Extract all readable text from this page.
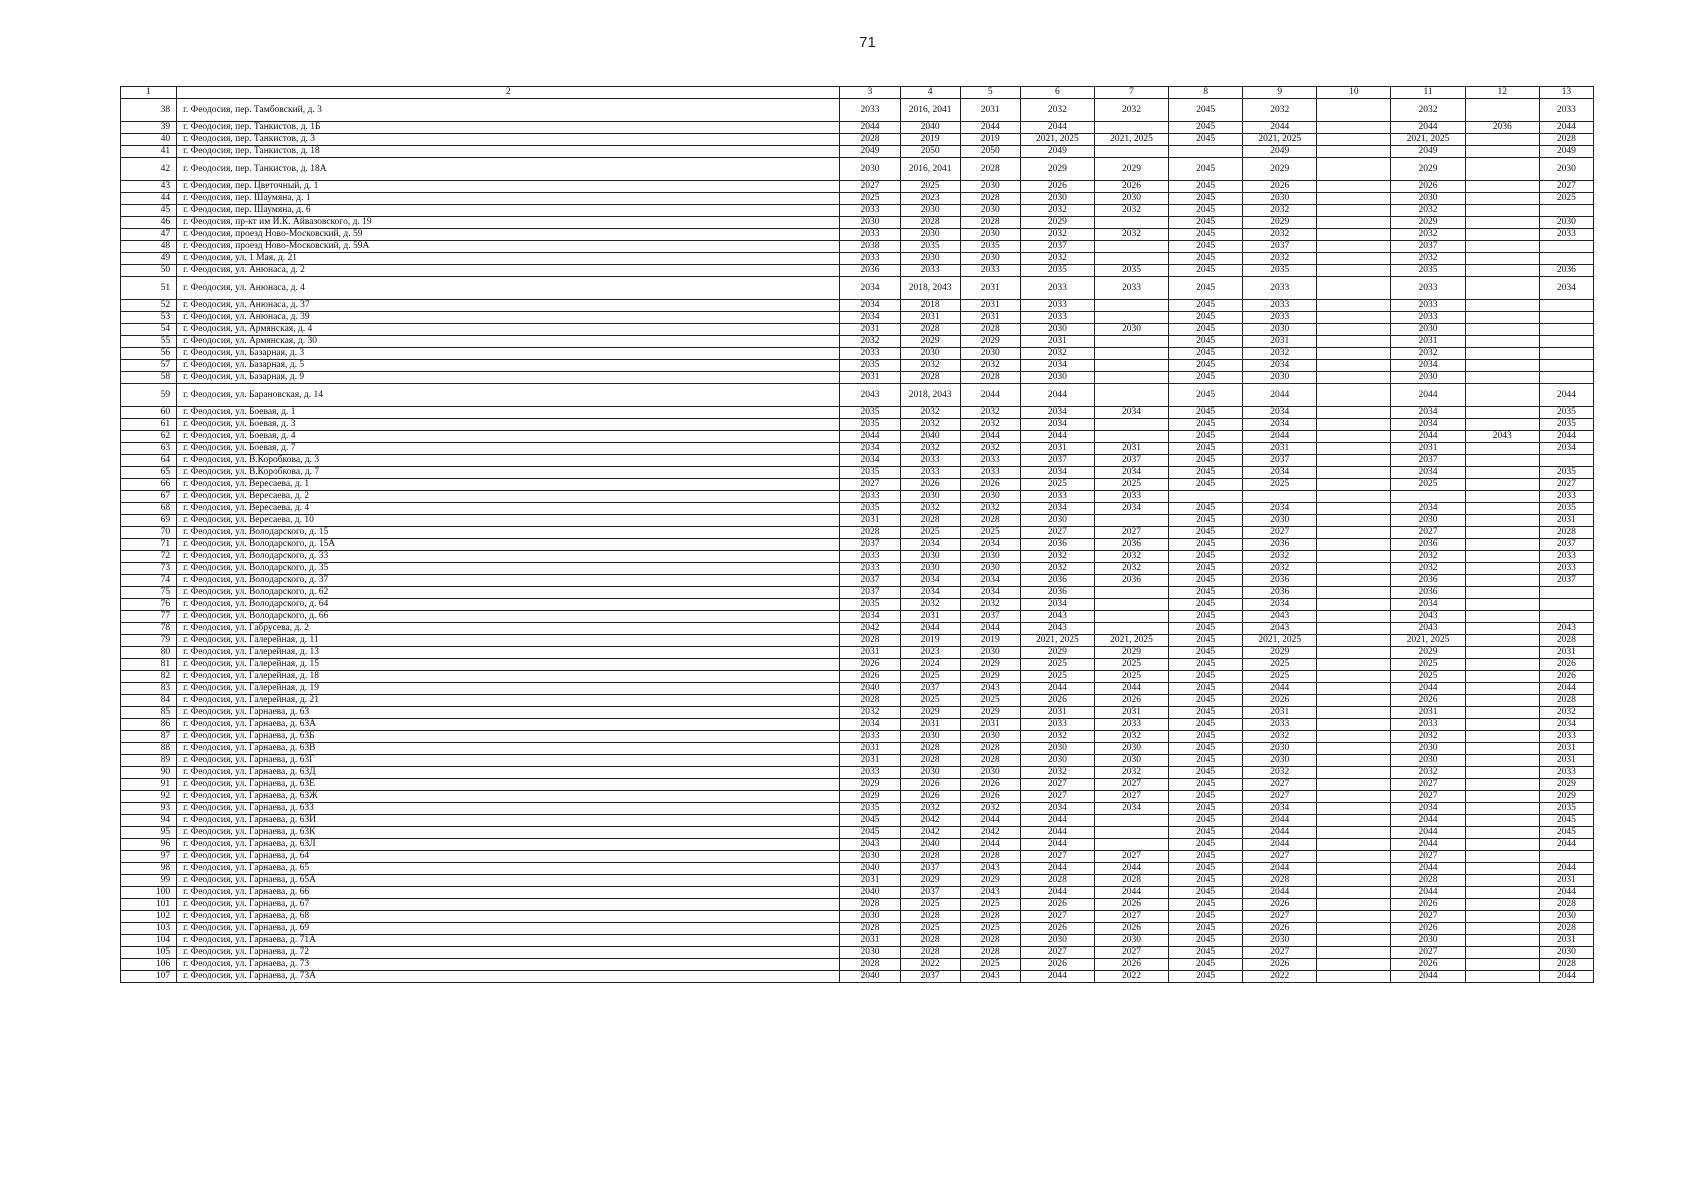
71
1	2	3	4	5	6	7	8	9	10	11	12	13
38	г. Феодосия, пер. Тамбовский, д. 3	2033	2016, 2041	2031	2032	2032	2045	2032		2032		2033
39	г. Феодосия, пер. Танкистов, д. 1Б	2044	2040	2044	2044		2045	2044		2044	2036	2044
40	г. Феодосия, пер. Танкистов, д. 3	2028	2019	2019	2021, 2025	2021, 2025	2045	2021, 2025		2021, 2025		2028
41	г. Феодосия, пер. Танкистов, д. 18	2049	2050	2050	2049			2049		2049		2049
42	г. Феодосия, пер. Танкистов, д. 18А	2030	2016, 2041	2028	2029	2029	2045	2029		2029		2030
43	г. Феодосия, пер. Цветочный, д. 1	2027	2025	2030	2026	2026	2045	2026		2026		2027
44	г. Феодосия, пер. Шаумяна, д. 1	2025	2023	2028	2030	2030	2045	2030		2030		2025
45	г. Феодосия, пер. Шаумяна, д. 6	2033	2030	2030	2032	2032	2045	2032		2032		
46	г. Феодосия, пр-кт им И.К. Айвазовского, д. 19	2030	2028	2028	2029		2045	2029		2029		2030
47	г. Феодосия, проезд Ново-Московский, д. 59	2033	2030	2030	2032	2032	2045	2032		2032		2033
48	г. Феодосия, проезд Ново-Московский, д. 59А	2038	2035	2035	2037		2045	2037		2037		
49	г. Феодосия, ул. 1 Мая, д. 21	2033	2030	2030	2032		2045	2032		2032		
50	г. Феодосия, ул. Анюнаса, д. 2	2036	2033	2033	2035	2035	2045	2035		2035		2036
51	г. Феодосия, ул. Анюнаса, д. 4	2034	2018, 2043	2031	2033	2033	2045	2033		2033		2034
52	г. Феодосия, ул. Анюнаса, д. 37	2034	2018	2031	2033		2045	2033		2033		
53	г. Феодосия, ул. Анюнаса, д. 39	2034	2031	2031	2033		2045	2033		2033		
54	г. Феодосия, ул. Армянская, д. 4	2031	2028	2028	2030	2030	2045	2030		2030		
55	г. Феодосия, ул. Армянская, д. 30	2032	2029	2029	2031		2045	2031		2031		
56	г. Феодосия, ул. Базарная, д. 3	2033	2030	2030	2032		2045	2032		2032		
57	г. Феодосия, ул. Базарная, д. 5	2035	2032	2032	2034		2045	2034		2034		
58	г. Феодосия, ул. Базарная, д. 9	2031	2028	2028	2030		2045	2030		2030		
59	г. Феодосия, ул. Барановская, д. 14	2043	2018, 2043	2044	2044		2045	2044		2044		2044
60	г. Феодосия, ул. Боевая, д. 1	2035	2032	2032	2034	2034	2045	2034		2034		2035
61	г. Феодосия, ул. Боевая, д. 3	2035	2032	2032	2034		2045	2034		2034		2035
62	г. Феодосия, ул. Боевая, д. 4	2044	2040	2044	2044		2045	2044		2044	2043	2044
63	г. Феодосия, ул. Боевая, д. 7	2034	2032	2032	2031	2031	2045	2031		2031		2034
64	г. Феодосия, ул. В.Коробкова, д. 3	2034	2033	2033	2037	2037	2045	2037		2037		
65	г. Феодосия, ул. В.Коробкова, д. 7	2035	2033	2033	2034	2034	2045	2034		2034		2035
66	г. Феодосия, ул. Вересаева, д. 1	2027	2026	2026	2025	2025	2045	2025		2025		2027
67	г. Феодосия, ул. Вересаева, д. 2	2033	2030	2030	2033	2033						2033
68	г. Феодосия, ул. Вересаева, д. 4	2035	2032	2032	2034	2034	2045	2034		2034		2035
69	г. Феодосия, ул. Вересаева, д. 10	2031	2028	2028	2030		2045	2030		2030		2031
70	г. Феодосия, ул. Володарского, д. 15	2028	2025	2025	2027	2027	2045	2027		2027		2028
71	г. Феодосия, ул. Володарского, д. 15А	2037	2034	2034	2036	2036	2045	2036		2036		2037
72	г. Феодосия, ул. Володарского, д. 33	2033	2030	2030	2032	2032	2045	2032		2032		2033
73	г. Феодосия, ул. Володарского, д. 35	2033	2030	2030	2032	2032	2045	2032		2032		2033
74	г. Феодосия, ул. Володарского, д. 37	2037	2034	2034	2036	2036	2045	2036		2036		2037
75	г. Феодосия, ул. Володарского, д. 62	2037	2034	2034	2036		2045	2036		2036		
76	г. Феодосия, ул. Володарского, д. 64	2035	2032	2032	2034		2045	2034		2034		
77	г. Феодосия, ул. Володарского, д. 66	2034	2031	2037	2043		2045	2043		2043		
78	г. Феодосия, ул. Габрусева, д. 2	2042	2044	2044	2043		2045	2043		2043		2043
79	г. Феодосия, ул. Галерейная, д. 11	2028	2019	2019	2021, 2025	2021, 2025	2045	2021, 2025		2021, 2025		2028
80	г. Феодосия, ул. Галерейная, д. 13	2031	2023	2030	2029	2029	2045	2029		2029		2031
81	г. Феодосия, ул. Галерейная, д. 15	2026	2024	2029	2025	2025	2045	2025		2025		2026
82	г. Феодосия, ул. Галерейная, д. 18	2026	2025	2029	2025	2025	2045	2025		2025		2026
83	г. Феодосия, ул. Галерейная, д. 19	2040	2037	2043	2044	2044	2045	2044		2044		2044
84	г. Феодосия, ул. Галерейная, д. 21	2028	2025	2025	2026	2026	2045	2026		2026		2028
85	г. Феодосия, ул. Гарнаева, д. 63	2032	2029	2029	2031	2031	2045	2031		2031		2032
86	г. Феодосия, ул. Гарнаева, д. 63А	2034	2031	2031	2033	2033	2045	2033		2033		2034
87	г. Феодосия, ул. Гарнаева, д. 63Б	2033	2030	2030	2032	2032	2045	2032		2032		2033
88	г. Феодосия, ул. Гарнаева, д. 63В	2031	2028	2028	2030	2030	2045	2030		2030		2031
89	г. Феодосия, ул. Гарнаева, д. 63Г	2031	2028	2028	2030	2030	2045	2030		2030		2031
90	г. Феодосия, ул. Гарнаева, д. 63Д	2033	2030	2030	2032	2032	2045	2032		2032		2033
91	г. Феодосия, ул. Гарнаева, д. 63Е	2029	2026	2026	2027	2027	2045	2027		2027		2029
92	г. Феодосия, ул. Гарнаева, д. 63Ж	2029	2026	2026	2027	2027	2045	2027		2027		2029
93	г. Феодосия, ул. Гарнаева, д. 63З	2035	2032	2032	2034	2034	2045	2034		2034		2035
94	г. Феодосия, ул. Гарнаева, д. 63И	2045	2042	2044	2044		2045	2044		2044		2045
95	г. Феодосия, ул. Гарнаева, д. 63К	2045	2042	2042	2044		2045	2044		2044		2045
96	г. Феодосия, ул. Гарнаева, д. 63Л	2043	2040	2044	2044		2045	2044		2044		2044
97	г. Феодосия, ул. Гарнаева, д. 64	2030	2028	2028	2027	2027	2045	2027		2027		
98	г. Феодосия, ул. Гарнаева, д. 65	2040	2037	2043	2044	2044	2045	2044		2044		2044
99	г. Феодосия, ул. Гарнаева, д. 65А	2031	2029	2029	2028	2028	2045	2028		2028		2031
100	г. Феодосия, ул. Гарнаева, д. 66	2040	2037	2043	2044	2044	2045	2044		2044		2044
101	г. Феодосия, ул. Гарнаева, д. 67	2028	2025	2025	2026	2026	2045	2026		2026		2028
102	г. Феодосия, ул. Гарнаева, д. 68	2030	2028	2028	2027	2027	2045	2027		2027		2030
103	г. Феодосия, ул. Гарнаева, д. 69	2028	2025	2025	2026	2026	2045	2026		2026		2028
104	г. Феодосия, ул. Гарнаева, д. 71А	2031	2028	2028	2030	2030	2045	2030		2030		2031
105	г. Феодосия, ул. Гарнаева, д. 72	2030	2028	2028	2027	2027	2045	2027		2027		2030
106	г. Феодосия, ул. Гарнаева, д. 73	2028	2022	2025	2026	2026	2045	2026		2026		2028
107	г. Феодосия, ул. Гарнаева, д. 73А	2040	2037	2043	2044	2022	2045	2022		2044		2044
